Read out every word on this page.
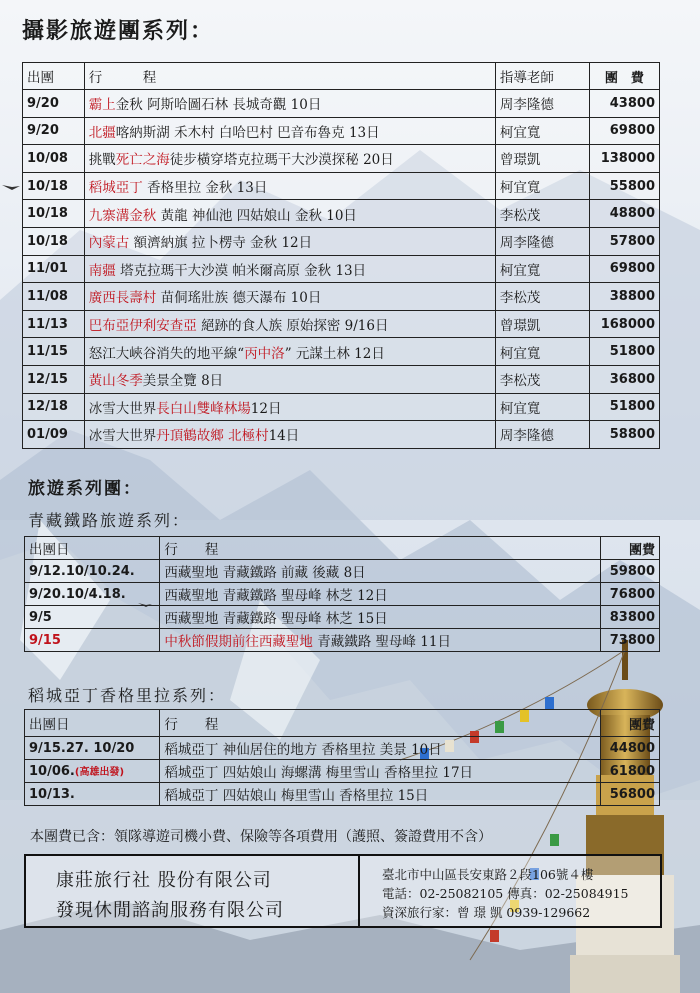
攝影旅遊團系列：
出團	行　　　程	指導老師	團　費
9/20	霸上金秋 阿斯哈圖石林 長城奇觀 10日	周李隆德	43800
9/20	北疆喀納斯湖 禾木村 白哈巴村 巴音布魯克 13日	柯宜寬	69800
10/08	挑戰死亡之海徒步橫穿塔克拉瑪干大沙漠探秘 20日	曾璟凱	138000
10/18	稻城亞丁 香格里拉 金秋 13日	柯宜寬	55800
10/18	九寨溝金秋 黃龍 神仙池 四姑娘山 金秋 10日	李松茂	48800
10/18	內蒙古 額濟納旗 拉卜楞寺 金秋 12日	周李隆德	57800
11/01	南疆 塔克拉瑪干大沙漠 帕米爾高原 金秋 13日	柯宜寬	69800
11/08	廣西長壽村 苗侗瑤壯族 德天瀑布 10日	李松茂	38800
11/13	巴布亞伊利安查亞 絕跡的食人族 原始探密 9/16日	曾璟凱	168000
11/15	怒江大峽谷消失的地平線“丙中洛” 元謀土林 12日	柯宜寬	51800
12/15	黃山冬季美景全覽 8日	李松茂	36800
12/18	冰雪大世界長白山雙峰林場12日	柯宜寬	51800
01/09	冰雪大世界丹頂鶴故鄉 北極村14日	周李隆德	58800
旅遊系列團：
青藏鐵路旅遊系列：
出團日	行　　程	團費
9/12.10/10.24.	西藏聖地 青藏鐵路 前藏 後藏 8日	59800
9/20.10/4.18.	西藏聖地 青藏鐵路 聖母峰 林芝 12日	76800
9/5	西藏聖地 青藏鐵路 聖母峰 林芝 15日	83800
9/15	中秋節假期前往西藏聖地 青藏鐵路 聖母峰 11日	73800
稻城亞丁香格里拉系列：
出團日	行　　程	團費
9/15.27. 10/20	稻城亞丁 神仙居住的地方 香格里拉 美景 10日	44800
10/06.(高雄出發)	稻城亞丁 四姑娘山 海螺溝 梅里雪山 香格里拉 17日	61800
10/13.	稻城亞丁 四姑娘山 梅里雪山 香格里拉 15日	56800
本團費已含：領隊導遊司機小費、保險等各項費用（護照、簽證費用不含）
康莊旅行社 股份有限公司
發現休閒諮詢服務有限公司
臺北市中山區長安東路２段106號４樓
電話：02-25082105 傳真：02-25084915
資深旅行家：曾 璟 凱 0939-129662
